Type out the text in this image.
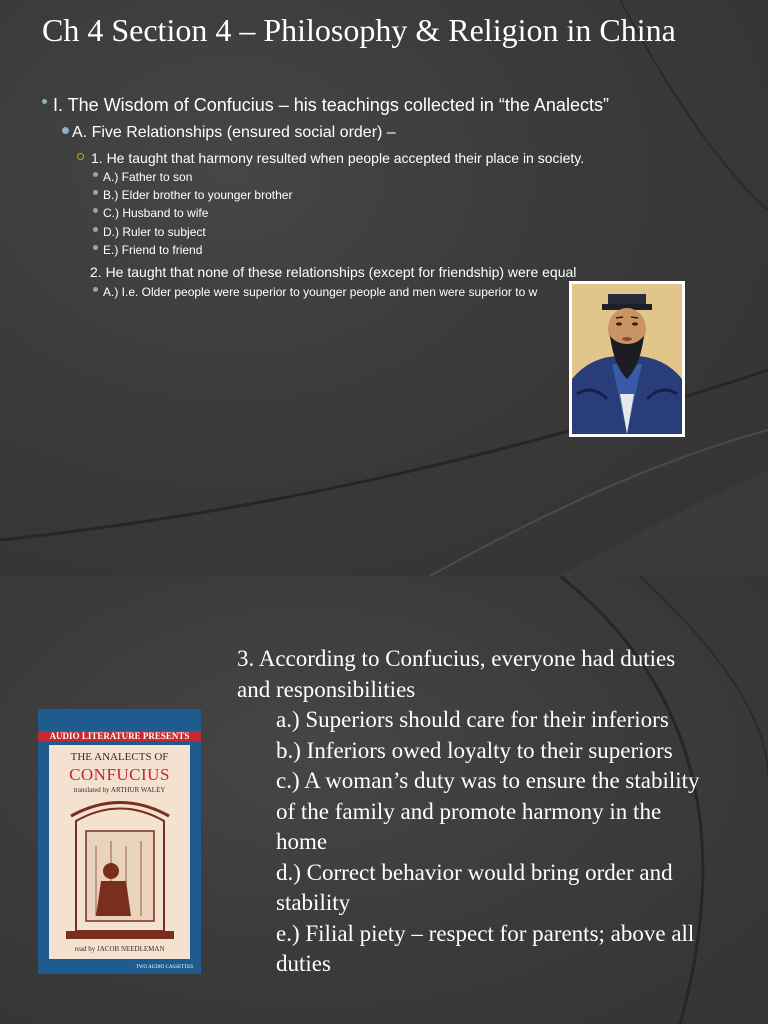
Ch 4 Section 4 – Philosophy & Religion in China
I. The Wisdom of Confucius – his teachings collected in “the Analects”
A. Five Relationships (ensured social order) –
1. He taught that harmony resulted when people accepted their place in society.
A.) Father to son
B.) Elder brother to younger brother
C.) Husband to wife
D.) Ruler to subject
E.) Friend to friend
2. He taught that none of these relationships (except for friendship) were equal
A.) I.e. Older people were superior to younger people and men were superior to w
AUDIO LITERATURE PRESENTS
THE ANALECTS OF
CONFUCIUS
translated by ARTHUR WALEY
read by JACOB NEEDLEMAN
TWO AUDIO CASSETTES
3. According to Confucius, everyone had duties
and responsibilities
a.) Superiors should care for their inferiors
b.) Inferiors owed loyalty to their superiors
c.) A woman’s duty was to ensure the stability
of the family and promote harmony in the
home
d.) Correct behavior would bring order and
stability
e.) Filial piety – respect for parents; above all
duties
